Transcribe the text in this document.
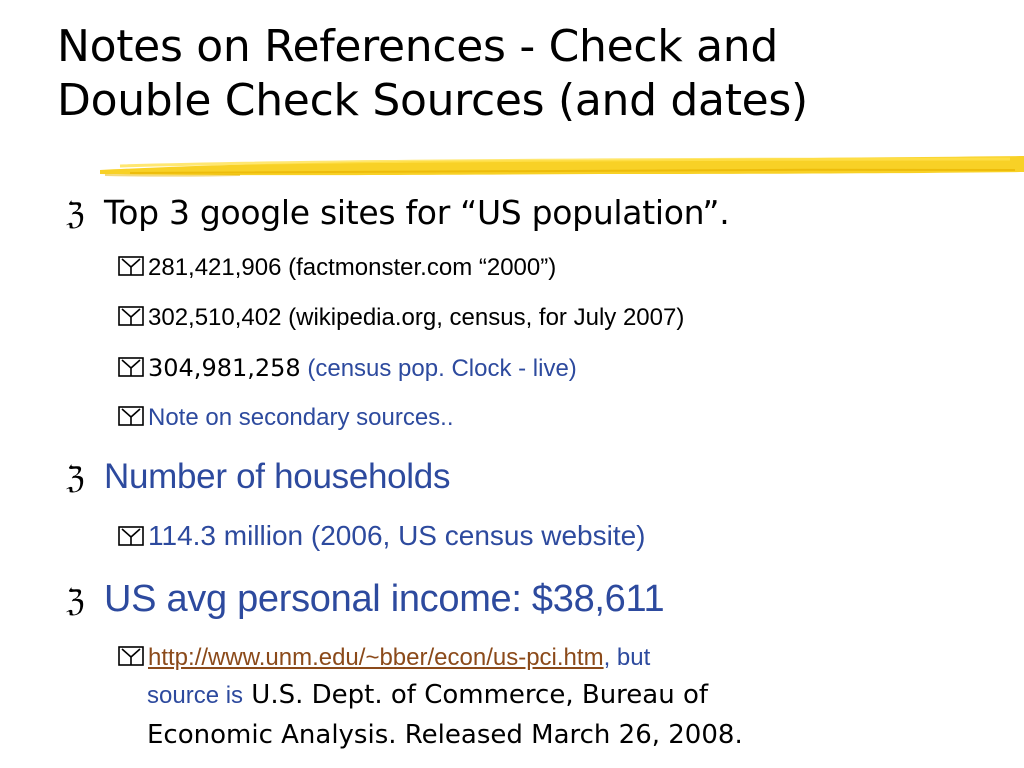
Notes on References - Check and
Double Check Sources (and dates)
ℨ Top 3 google sites for “US population”.
281,421,906 (factmonster.com “2000”)
302,510,402 (wikipedia.org, census, for July 2007)
304,981,258 (census pop. Clock - live)
Note on secondary sources..
ℨ Number of households
114.3 million (2006, US census website)
ℨ US avg personal income: $38,611
http://www.unm.edu/~bber/econ/us-pci.htm, but
source is U.S. Dept. of Commerce, Bureau of
Economic Analysis. Released March 26, 2008.
